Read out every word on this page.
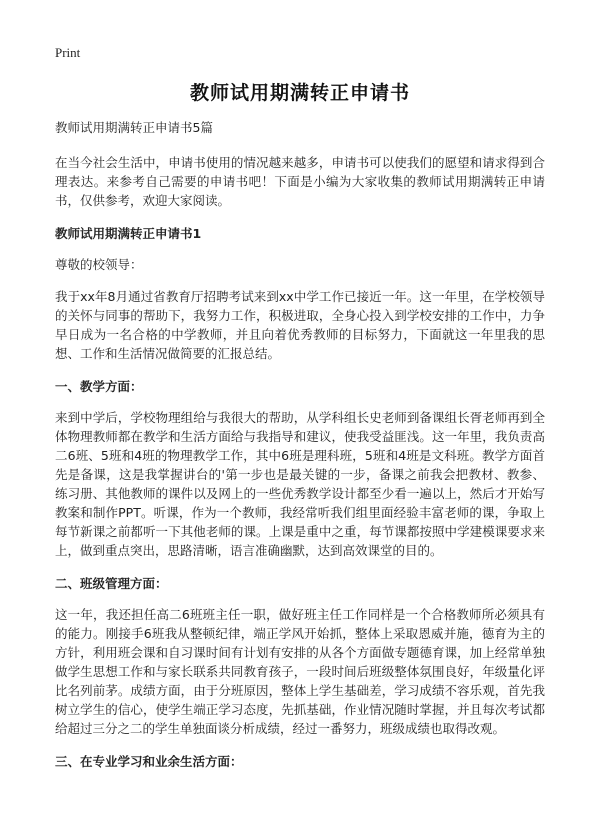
Print
教师试用期满转正申请书

教师试用期满转正申请书5篇

在当今社会生活中，申请书使用的情况越来越多，申请书可以使我们的愿望和请求得到合理表达。来参考自己需要的申请书吧！下面是小编为大家收集的教师试用期满转正申请书，仅供参考，欢迎大家阅读。

教师试用期满转正申请书1

尊敬的校领导：

我于xx年8月通过省教育厅招聘考试来到xx中学工作已接近一年。这一年里，在学校领导的关怀与同事的帮助下，我努力工作，积极进取，全身心投入到学校安排的工作中，力争早日成为一名合格的中学教师，并且向着优秀教师的目标努力，下面就这一年里我的思想、工作和生活情况做简要的汇报总结。

一、教学方面：

来到中学后，学校物理组给与我很大的帮助，从学科组长史老师到备课组长胥老师再到全体物理教师都在教学和生活方面给与我指导和建议，使我受益匪浅。这一年里，我负责高二6班、5班和4班的物理教学工作，其中6班是理科班，5班和4班是文科班。教学方面首先是备课，这是我掌握讲台的'第一步也是最关键的一步，备课之前我会把教材、教参、练习册、其他教师的课件以及网上的一些优秀教学设计都至少看一遍以上，然后才开始写教案和制作PPT。听课，作为一个教师，我经常听我们组里面经验丰富老师的课，争取上每节新课之前都听一下其他老师的课。上课是重中之重，每节课都按照中学建模课要求来上，做到重点突出，思路清晰，语言准确幽默，达到高效课堂的目的。

二、班级管理方面：

这一年，我还担任高二6班班主任一职，做好班主任工作同样是一个合格教师所必须具有的能力。刚接手6班我从整顿纪律，端正学风开始抓，整体上采取恩威并施，德育为主的方针，利用班会课和自习课时间有计划有安排的从各个方面做专题德育课，加上经常单独做学生思想工作和与家长联系共同教育孩子，一段时间后班级整体氛围良好，年级量化评比名列前茅。成绩方面，由于分班原因，整体上学生基础差，学习成绩不容乐观，首先我树立学生的信心，使学生端正学习态度，先抓基础，作业情况随时掌握，并且每次考试都给超过三分之二的学生单独面谈分析成绩，经过一番努力，班级成绩也取得改观。

三、在专业学习和业余生活方面：
